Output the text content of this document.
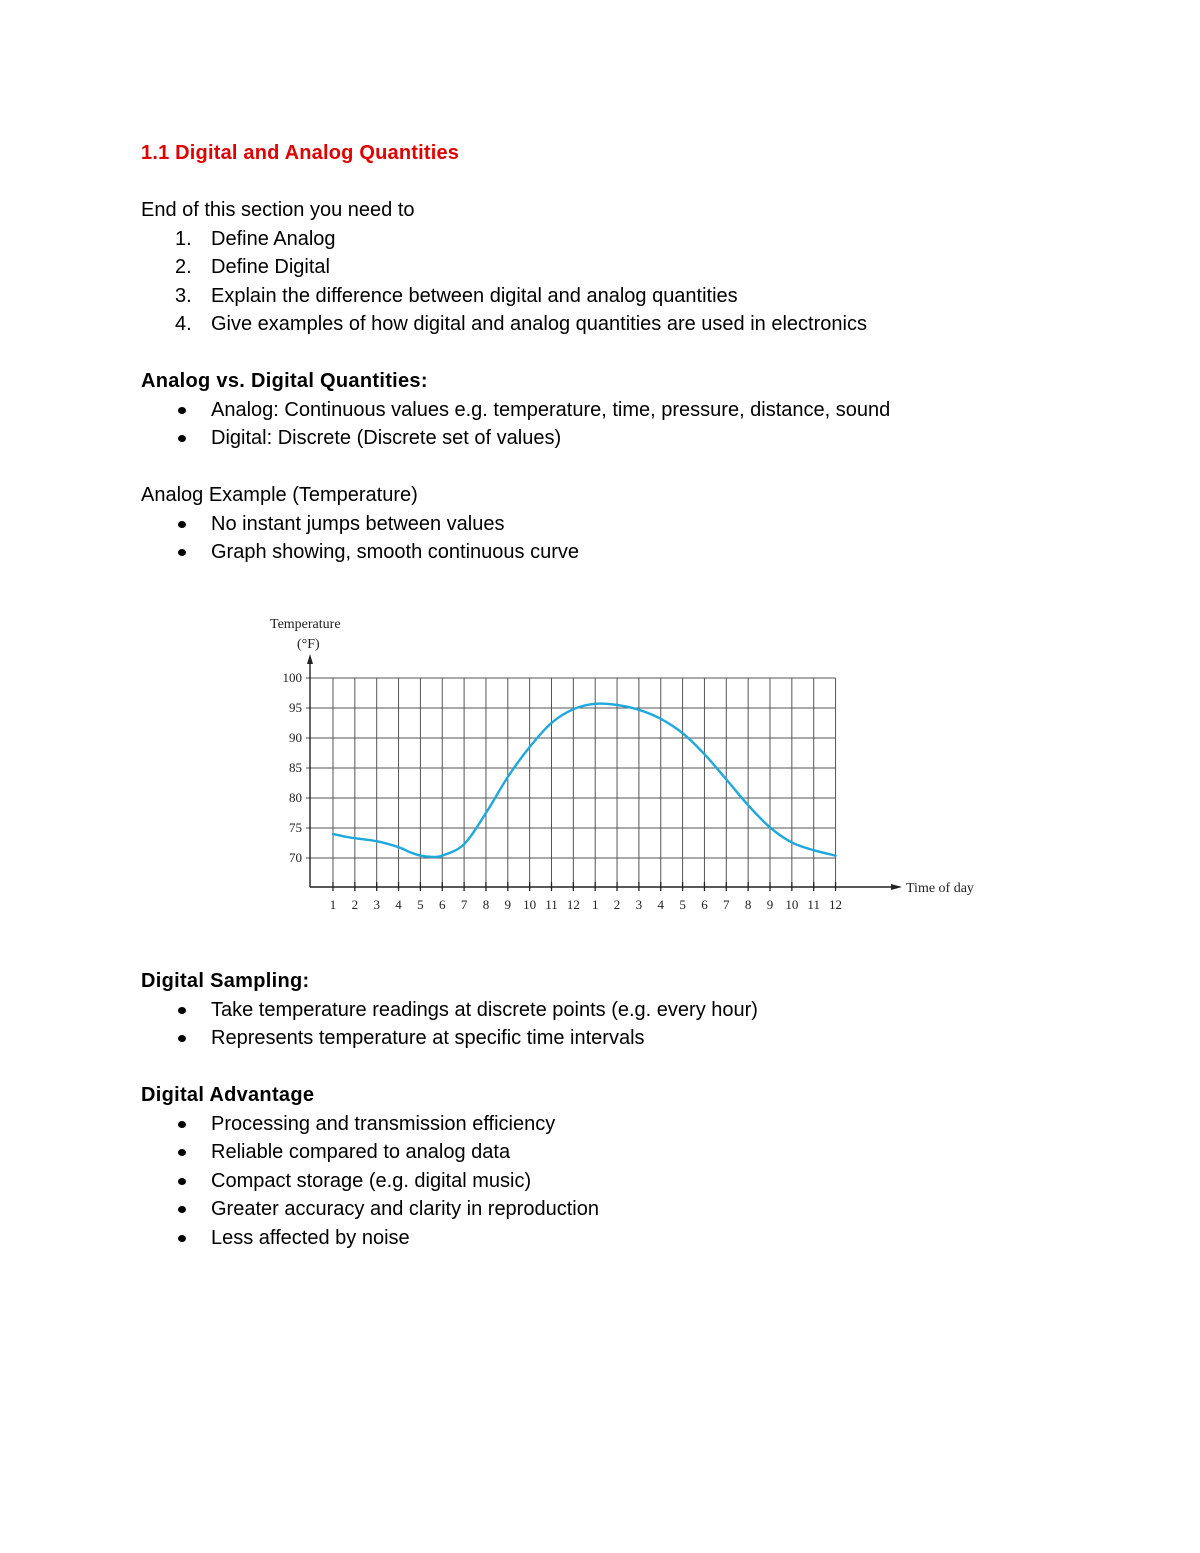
1.1 Digital and Analog Quantities

End of this section you need to

1. Define Analog
2. Define Digital
3. Explain the difference between digital and analog quantities
4. Give examples of how digital and analog quantities are used in electronics

Analog vs. Digital Quantities:

Analog: Continuous values e.g. temperature, time, pressure, distance, sound
Digital: Discrete (Discrete set of values)

Analog Example (Temperature)

No instant jumps between values
Graph showing, smooth continuous curve
1 2 3 4 5 6 7 8 9 10 11 12 1 2 3 4 5 6 7 8 9 10 11 12
100
95
90
85
80
75
70
Temperature
(°F)
Time of day

Digital Sampling:

Take temperature readings at discrete points (e.g. every hour)
Represents temperature at specific time intervals

Digital Advantage

Processing and transmission efficiency
Reliable compared to analog data
Compact storage (e.g. digital music)
Greater accuracy and clarity in reproduction
Less affected by noise
